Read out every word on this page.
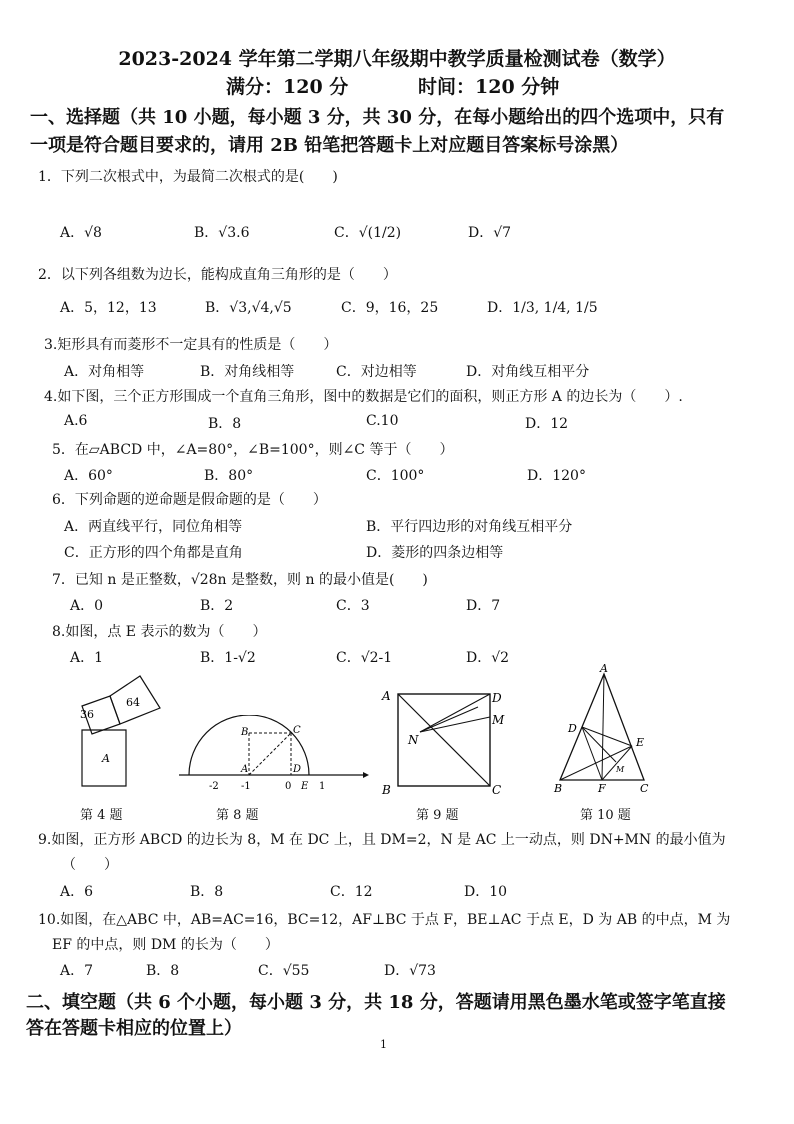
2023-2024 学年第二学期八年级期中教学质量检测试卷（数学）
满分：120 分	时间：120 分钟
一、选择题（共 10 小题，每小题 3 分，共 30 分，在每小题给出的四个选项中，只有
一项是符合题目要求的，请用 2B 铅笔把答题卡上对应题目答案标号涂黑）
1．下列二次根式中，为最简二次根式的是(　　)
A．√8	B．√3.6	C．√(1/2)	D．√7
2．以下列各组数为边长，能构成直角三角形的是（　　）
A．5，12，13	B．√3,√4,√5	C．9，16，25	D．1/3, 1/4, 1/5
3.矩形具有而菱形不一定具有的性质是（　　）
A．对角相等	B．对角线相等	C．对边相等	D．对角线互相平分
4.如下图，三个正方形围成一个直角三角形，图中的数据是它们的面积，则正方形 A 的边长为（　　）.
A.6	B．8	C.10	D．12
5．在▱ABCD 中，∠A=80°，∠B=100°，则∠C 等于（　　）
A．60°	B．80°	C．100°	D．120°
6．下列命题的逆命题是假命题的是（　　）
A．两直线平行，同位角相等	B．平行四边形的对角线互相平分
C．正方形的四个角都是直角	D．菱形的四条边相等
7．已知 n 是正整数，√28n 是整数，则 n 的最小值是(　　)
A．0	B．2	C．3	D．7
8.如图，点 E 表示的数为（　　）
A．1	B．1-√2	C．√2-1	D．√2
36
64
A
第 4 题
-2 -1	0	1
A
B	C
D
E
第 8 题
A	D
M
N
B	C
第 9 题
A
D
E
M
B	F	C
第 10 题
9.如图，正方形 ABCD 的边长为 8，M 在 DC 上，且 DM=2，N 是 AC 上一动点，则 DN+MN 的最小值为
（　　）
A．6	B．8	C．12	D．10
10.如图，在△ABC 中，AB=AC=16，BC=12，AF⊥BC 于点 F，BE⊥AC 于点 E，D 为 AB 的中点，M 为
EF 的中点，则 DM 的长为（　　）
A．7	B．8	C．√55	D．√73
二、填空题（共 6 个小题，每小题 3 分，共 18 分，答题请用黑色墨水笔或签字笔直接
答在答题卡相应的位置上）
1
